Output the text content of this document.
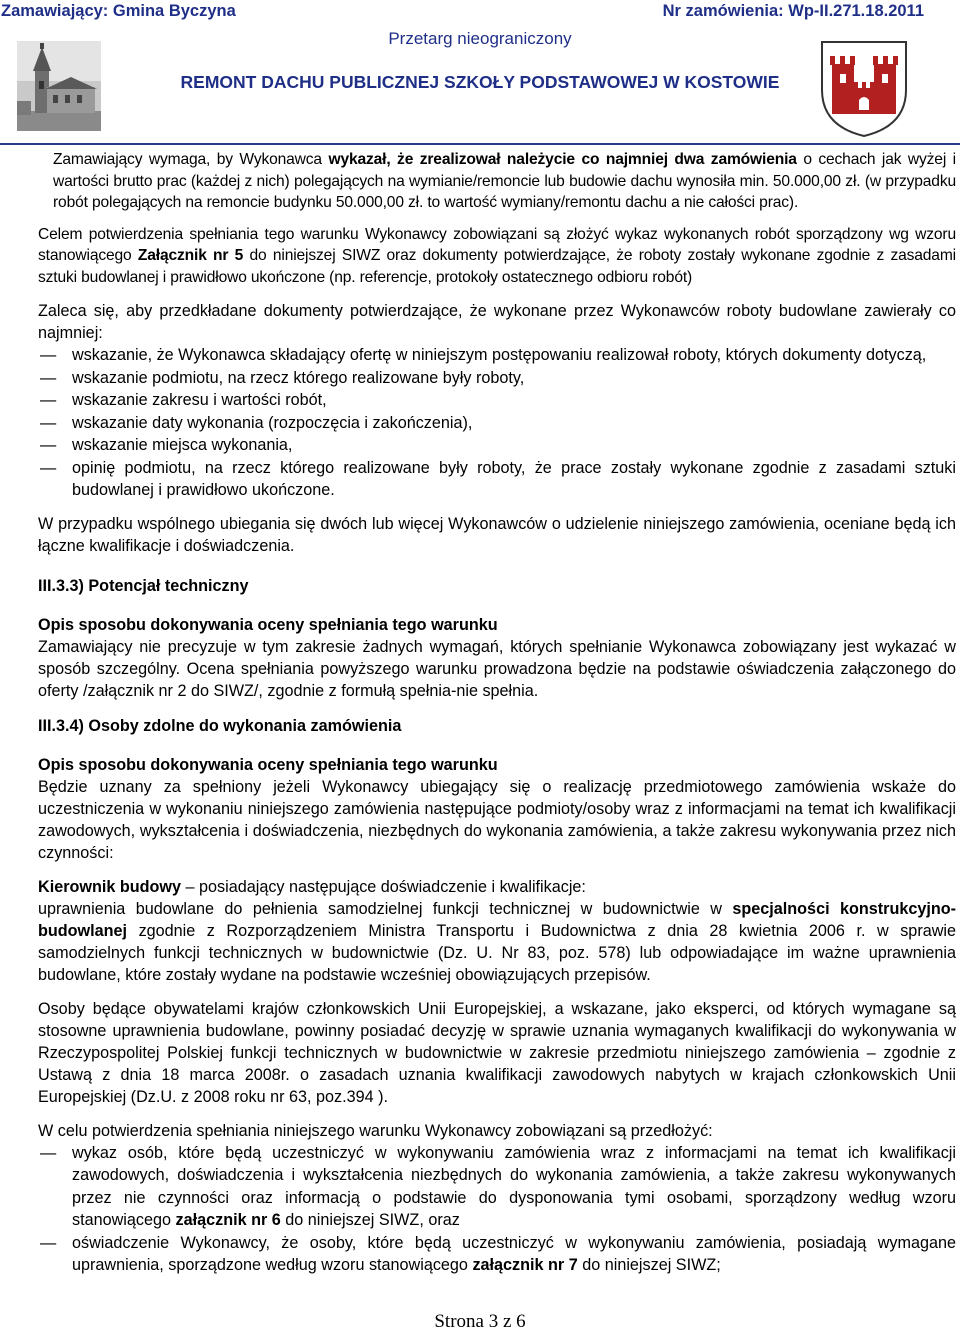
Zamawiający: Gmina Byczyna	Nr zamówienia: Wp-II.271.18.2011
Przetarg nieograniczony
REMONT DACHU PUBLICZNEJ SZKOŁY PODSTAWOWEJ W KOSTOWIE

Zamawiający wymaga, by Wykonawca wykazał, że zrealizował należycie co najmniej dwa zamówienia o cechach jak wyżej i wartości brutto prac (każdej z nich) polegających na wymianie/remoncie lub budowie dachu wynosiła min. 50.000,00 zł. (w przypadku robót polegających na remoncie budynku 50.000,00 zł. to wartość wymiany/remontu dachu a nie całości prac).

Celem potwierdzenia spełniania tego warunku Wykonawcy zobowiązani są złożyć wykaz wykonanych robót sporządzony wg wzoru stanowiącego Załącznik nr 5 do niniejszej SIWZ oraz dokumenty potwierdzające, że roboty zostały wykonane zgodnie z zasadami sztuki budowlanej i prawidłowo ukończone (np. referencje, protokoły ostatecznego odbioru robót)

Zaleca się, aby przedkładane dokumenty potwierdzające, że wykonane przez Wykonawców roboty budowlane zawierały co najmniej:

— wskazanie, że Wykonawca składający ofertę w niniejszym postępowaniu realizował roboty, których dokumenty dotyczą,
— wskazanie podmiotu, na rzecz którego realizowane były roboty,
— wskazanie zakresu i wartości robót,
— wskazanie daty wykonania (rozpoczęcia i zakończenia),
— wskazanie miejsca wykonania,
— opinię podmiotu, na rzecz którego realizowane były roboty, że prace zostały wykonane zgodnie z zasadami sztuki budowlanej i prawidłowo ukończone.

W przypadku wspólnego ubiegania się dwóch lub więcej Wykonawców o udzielenie niniejszego zamówienia, oceniane będą ich łączne kwalifikacje i doświadczenia.

III.3.3) Potencjał techniczny

Opis sposobu dokonywania oceny spełniania tego warunku

Zamawiający nie precyzuje w tym zakresie żadnych wymagań, których spełnianie Wykonawca zobowiązany jest wykazać w sposób szczególny. Ocena spełniania powyższego warunku prowadzona będzie na podstawie oświadczenia załączonego do oferty /załącznik nr 2 do SIWZ/, zgodnie z formułą spełnia-nie spełnia.

III.3.4) Osoby zdolne do wykonania zamówienia

Opis sposobu dokonywania oceny spełniania tego warunku

Będzie uznany za spełniony jeżeli Wykonawcy ubiegający się o realizację przedmiotowego zamówienia wskaże do uczestniczenia w wykonaniu niniejszego zamówienia następujące podmioty/osoby wraz z informacjami na temat ich kwalifikacji zawodowych, wykształcenia i doświadczenia, niezbędnych do wykonania zamówienia, a także zakresu wykonywania przez nich czynności:

Kierownik budowy – posiadający następujące doświadczenie i kwalifikacje:

uprawnienia budowlane do pełnienia samodzielnej funkcji technicznej w budownictwie w specjalności konstrukcyjno-budowlanej zgodnie z Rozporządzeniem Ministra Transportu i Budownictwa z dnia 28 kwietnia 2006 r. w sprawie samodzielnych funkcji technicznych w budownictwie (Dz. U. Nr 83, poz. 578) lub odpowiadające im ważne uprawnienia budowlane, które zostały wydane na podstawie wcześniej obowiązujących przepisów.

Osoby będące obywatelami krajów członkowskich Unii Europejskiej, a wskazane, jako eksperci, od których wymagane są stosowne uprawnienia budowlane, powinny posiadać decyzję w sprawie uznania wymaganych kwalifikacji do wykonywania w Rzeczypospolitej Polskiej funkcji technicznych w budownictwie w zakresie przedmiotu niniejszego zamówienia – zgodnie z Ustawą z dnia 18 marca 2008r. o zasadach uznania kwalifikacji zawodowych nabytych w krajach członkowskich Unii Europejskiej (Dz.U. z 2008 roku nr 63, poz.394 ).

W celu potwierdzenia spełniania niniejszego warunku Wykonawcy zobowiązani są przedłożyć:

— wykaz osób, które będą uczestniczyć w wykonywaniu zamówienia wraz z informacjami na temat ich kwalifikacji zawodowych, doświadczenia i wykształcenia niezbędnych do wykonania zamówienia, a także zakresu wykonywanych przez nie czynności oraz informacją o podstawie do dysponowania tymi osobami, sporządzony według wzoru stanowiącego załącznik nr 6 do niniejszej SIWZ, oraz
— oświadczenie Wykonawcy, że osoby, które będą uczestniczyć w wykonywaniu zamówienia, posiadają wymagane uprawnienia, sporządzone według wzoru stanowiącego załącznik nr 7 do niniejszej SIWZ;
Strona 3 z 6
